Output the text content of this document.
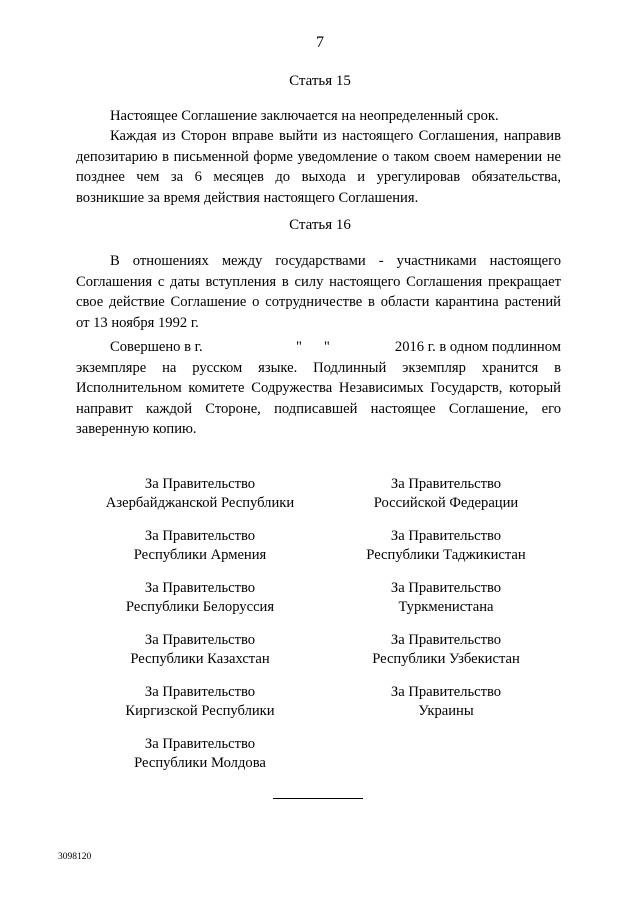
7
Статья 15

Настоящее Соглашение заключается на неопределенный срок.

Каждая из Сторон вправе выйти из настоящего Соглашения, направив депозитарию в письменной форме уведомление о таком своем намерении не позднее чем за 6 месяцев до выхода и урегулировав обязательства, возникшие за время действия настоящего Соглашения.

Статья 16

В отношениях между государствами - участниками настоящего Соглашения с даты вступления в силу настоящего Соглашения прекращает свое действие Соглашение о сотрудничестве в области карантина растений от 13 ноября 1992 г.

Совершено в г.	"      "	2016 г. в одном подлинном

экземпляре на русском языке. Подлинный экземпляр хранится в Исполнительном комитете Содружества Независимых Государств, который направит каждой Стороне, подписавшей настоящее Соглашение, его заверенную копию.

За Правительство
Азербайджанской Республики
За Правительство
Республики Армения
За Правительство
Республики Белоруссия
За Правительство
Республики Казахстан
За Правительство
Киргизской Республики
За Правительство
Республики Молдова
За Правительство
Российской Федерации
За Правительство
Республики Таджикистан
За Правительство
Туркменистана
За Правительство
Республики Узбекистан
За Правительство
Украины
3098120
